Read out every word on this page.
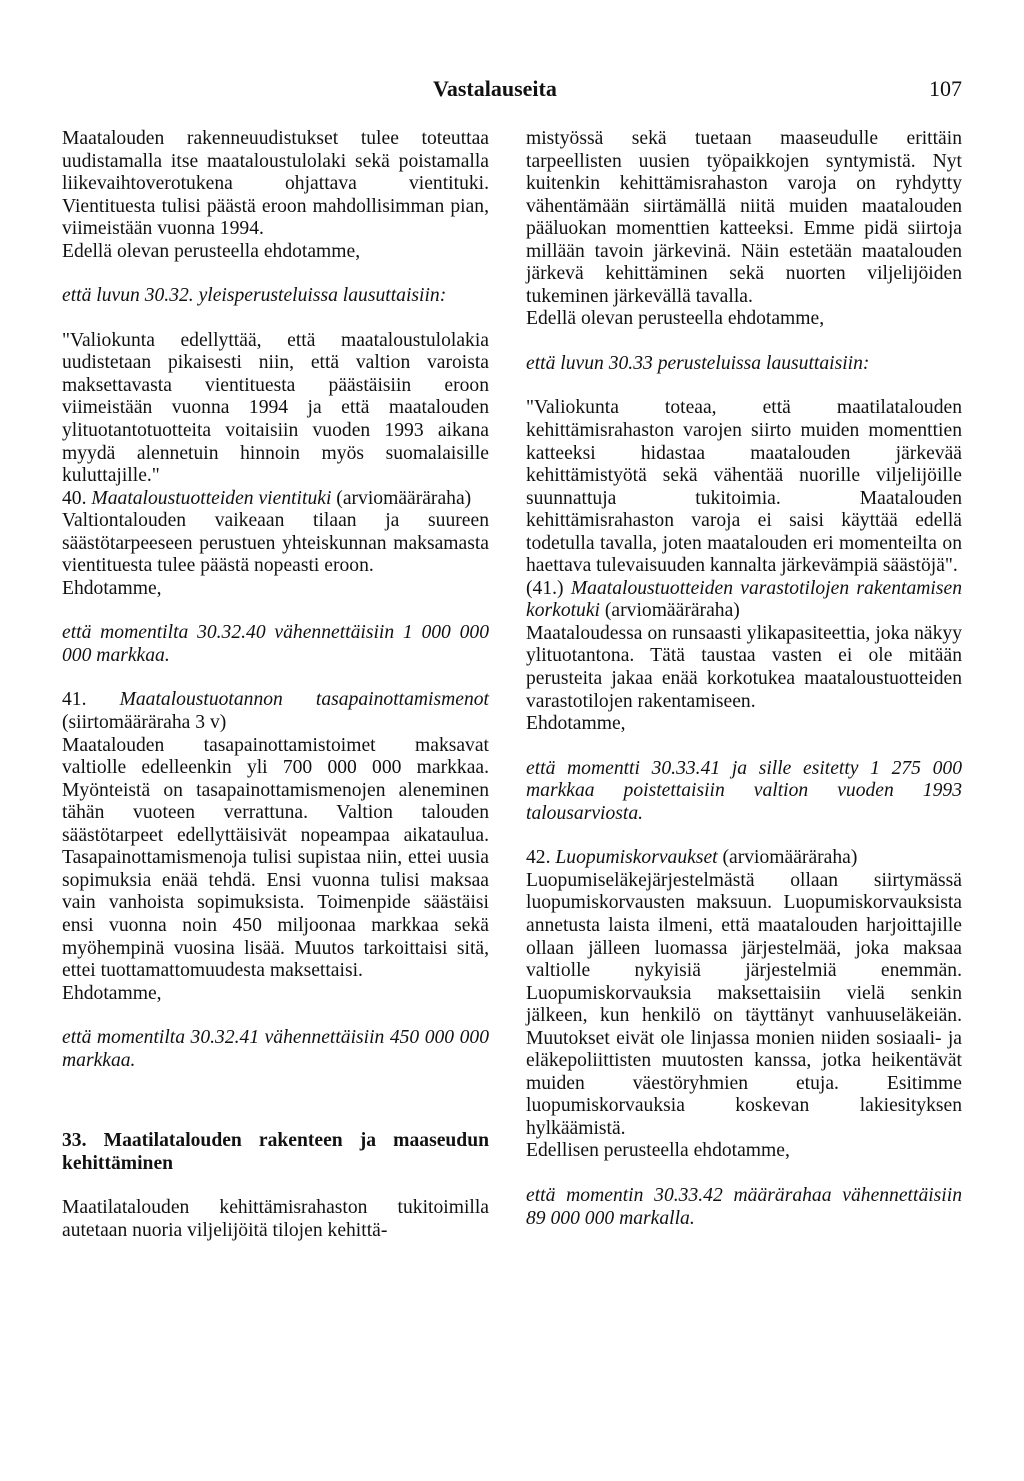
Vastalauseita	107

Maatalouden rakenneuudistukset tulee toteuttaa uudistamalla itse maataloustulolaki sekä poistamalla liikevaihtoverotukena ohjattava vientituki. Vientituesta tulisi päästä eroon mahdollisimman pian, viimeistään vuonna 1994.

Edellä olevan perusteella ehdotamme,

että luvun 30.32. yleisperusteluissa lausuttaisiin:

"Valiokunta edellyttää, että maataloustulolakia uudistetaan pikaisesti niin, että valtion varoista maksettavasta vientituesta päästäisiin eroon viimeistään vuonna 1994 ja että maatalouden ylituotantotuotteita voitaisiin vuoden 1993 aikana myydä alennetuin hinnoin myös suomalaisille kuluttajille."

40. Maataloustuotteiden vientituki (arviomääräraha)

Valtiontalouden vaikeaan tilaan ja suureen säästötarpeeseen perustuen yhteiskunnan maksamasta vientituesta tulee päästä nopeasti eroon.

Ehdotamme,

että momentilta 30.32.40 vähennettäisiin 1 000 000 000 markkaa.

41. Maataloustuotannon tasapainottamismenot (siirtomääräraha 3 v)

Maatalouden tasapainottamistoimet maksavat valtiolle edelleenkin yli 700 000 000 markkaa. Myönteistä on tasapainottamismenojen aleneminen tähän vuoteen verrattuna. Valtion talouden säästötarpeet edellyttäisivät nopeampaa aikataulua. Tasapainottamismenoja tulisi supistaa niin, ettei uusia sopimuksia enää tehdä. Ensi vuonna tulisi maksaa vain vanhoista sopimuksista. Toimenpide säästäisi ensi vuonna noin 450 miljoonaa markkaa sekä myöhempinä vuosina lisää. Muutos tarkoittaisi sitä, ettei tuottamattomuudesta maksettaisi.

Ehdotamme,

että momentilta 30.32.41 vähennettäisiin 450 000 000 markkaa.

33. Maatilatalouden rakenteen ja maaseudun kehittäminen

Maatilatalouden kehittämisrahaston tukitoimilla autetaan nuoria viljelijöitä tilojen kehittä-

mistyössä sekä tuetaan maaseudulle erittäin tarpeellisten uusien työpaikkojen syntymistä. Nyt kuitenkin kehittämisrahaston varoja on ryhdytty vähentämään siirtämällä niitä muiden maatalouden pääluokan momenttien katteeksi. Emme pidä siirtoja millään tavoin järkevinä. Näin estetään maatalouden järkevä kehittäminen sekä nuorten viljelijöiden tukeminen järkevällä tavalla.

Edellä olevan perusteella ehdotamme,

että luvun 30.33 perusteluissa lausuttaisiin:

"Valiokunta toteaa, että maatilatalouden kehittämisrahaston varojen siirto muiden momenttien katteeksi hidastaa maatalouden järkevää kehittämistyötä sekä vähentää nuorille viljelijöille suunnattuja tukitoimia. Maatalouden kehittämisrahaston varoja ei saisi käyttää edellä todetulla tavalla, joten maatalouden eri momenteilta on haettava tulevaisuuden kannalta järkevämpiä säästöjä".

(41.) Maataloustuotteiden varastotilojen rakentamisen korkotuki (arviomääräraha)

Maataloudessa on runsaasti ylikapasiteettia, joka näkyy ylituotantona. Tätä taustaa vasten ei ole mitään perusteita jakaa enää korkotukea maataloustuotteiden varastotilojen rakentamiseen.

Ehdotamme,

että momentti 30.33.41 ja sille esitetty 1 275 000 markkaa poistettaisiin valtion vuoden 1993 talousarviosta.

42. Luopumiskorvaukset (arviomääräraha)

Luopumiseläkejärjestelmästä ollaan siirtymässä luopumiskorvausten maksuun. Luopumiskorvauksista annetusta laista ilmeni, että maatalouden harjoittajille ollaan jälleen luomassa järjestelmää, joka maksaa valtiolle nykyisiä järjestelmiä enemmän. Luopumiskorvauksia maksettaisiin vielä senkin jälkeen, kun henkilö on täyttänyt vanhuuseläkeiän. Muutokset eivät ole linjassa monien niiden sosiaali- ja eläkepoliittisten muutosten kanssa, jotka heikentävät muiden väestöryhmien etuja. Esitimme luopumiskorvauksia koskevan lakiesityksen hylkäämistä.

Edellisen perusteella ehdotamme,

että momentin 30.33.42 määrärahaa vähennettäisiin 89 000 000 markalla.
